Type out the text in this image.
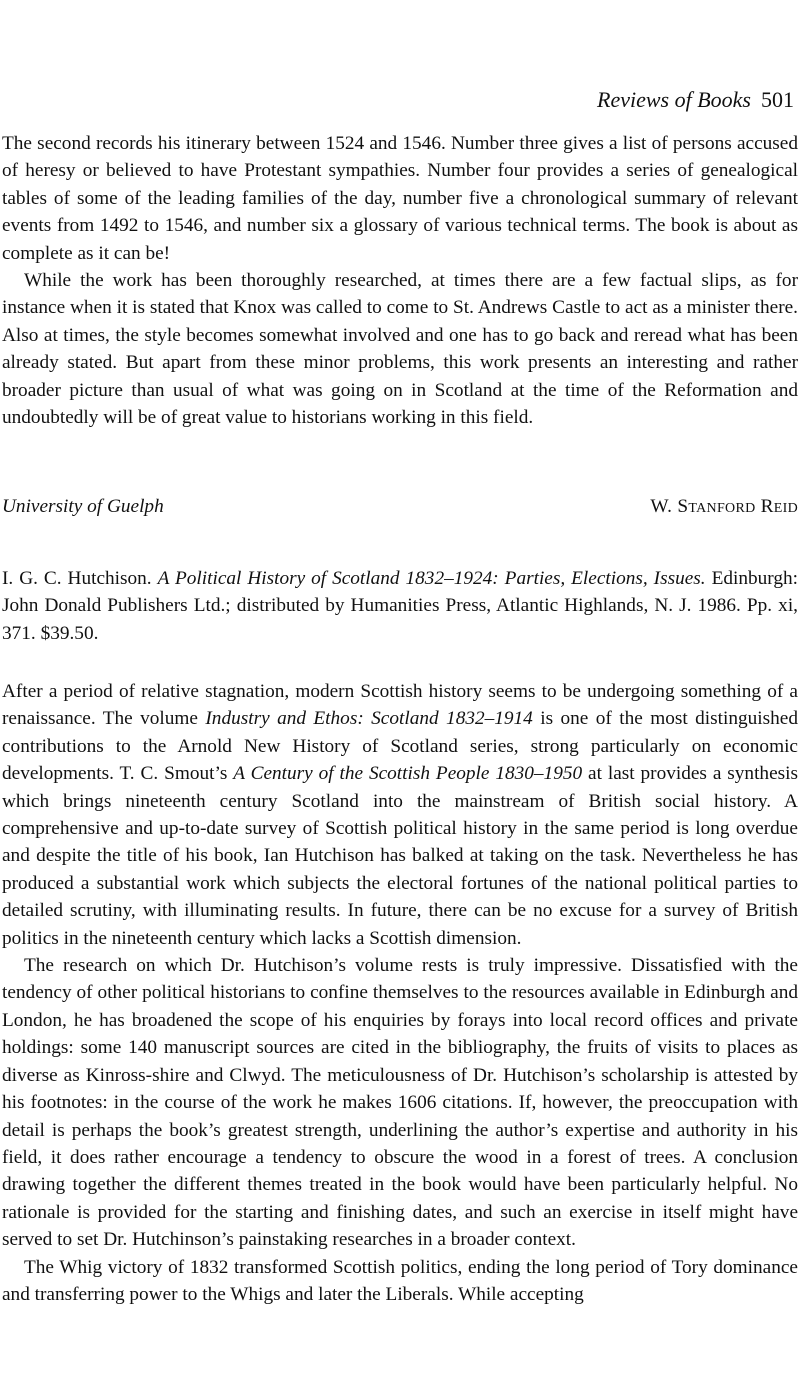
Reviews of Books 501

The second records his itinerary between 1524 and 1546. Number three gives a list of persons accused of heresy or believed to have Protestant sympathies. Number four provides a series of genealogical tables of some of the leading families of the day, number five a chronological summary of relevant events from 1492 to 1546, and number six a glossary of various technical terms. The book is about as complete as it can be!

While the work has been thoroughly researched, at times there are a few factual slips, as for instance when it is stated that Knox was called to come to St. Andrews Castle to act as a minister there. Also at times, the style becomes somewhat involved and one has to go back and reread what has been already stated. But apart from these minor problems, this work presents an interesting and rather broader picture than usual of what was going on in Scotland at the time of the Reformation and undoubtedly will be of great value to historians working in this field.

University of Guelph	W. Stanford Reid

I. G. C. Hutchison. A Political History of Scotland 1832–1924: Parties, Elections, Issues. Edinburgh: John Donald Publishers Ltd.; distributed by Humanities Press, Atlantic Highlands, N. J. 1986. Pp. xi, 371. $39.50.

After a period of relative stagnation, modern Scottish history seems to be undergoing something of a renaissance. The volume Industry and Ethos: Scotland 1832–1914 is one of the most distinguished contributions to the Arnold New History of Scotland series, strong particularly on economic developments. T. C. Smout’s A Century of the Scottish People 1830–1950 at last provides a synthesis which brings nineteenth century Scotland into the mainstream of British social history. A comprehensive and up-to-date survey of Scottish political history in the same period is long overdue and despite the title of his book, Ian Hutchison has balked at taking on the task. Nevertheless he has produced a substantial work which subjects the electoral fortunes of the national political parties to detailed scrutiny, with illuminating results. In future, there can be no excuse for a survey of British politics in the nineteenth century which lacks a Scottish dimension.

The research on which Dr. Hutchison’s volume rests is truly impressive. Dissatisfied with the tendency of other political historians to confine themselves to the resources available in Edinburgh and London, he has broadened the scope of his enquiries by forays into local record offices and private holdings: some 140 manuscript sources are cited in the bibliography, the fruits of visits to places as diverse as Kinross-shire and Clwyd. The meticulousness of Dr. Hutchison’s scholarship is attested by his footnotes: in the course of the work he makes 1606 citations. If, however, the preoccupation with detail is perhaps the book’s greatest strength, underlining the author’s expertise and authority in his field, it does rather encourage a tendency to obscure the wood in a forest of trees. A conclusion drawing together the different themes treated in the book would have been particularly helpful. No rationale is provided for the starting and finishing dates, and such an exercise in itself might have served to set Dr. Hutchinson’s painstaking researches in a broader context.

The Whig victory of 1832 transformed Scottish politics, ending the long period of Tory dominance and transferring power to the Whigs and later the Liberals. While accepting
